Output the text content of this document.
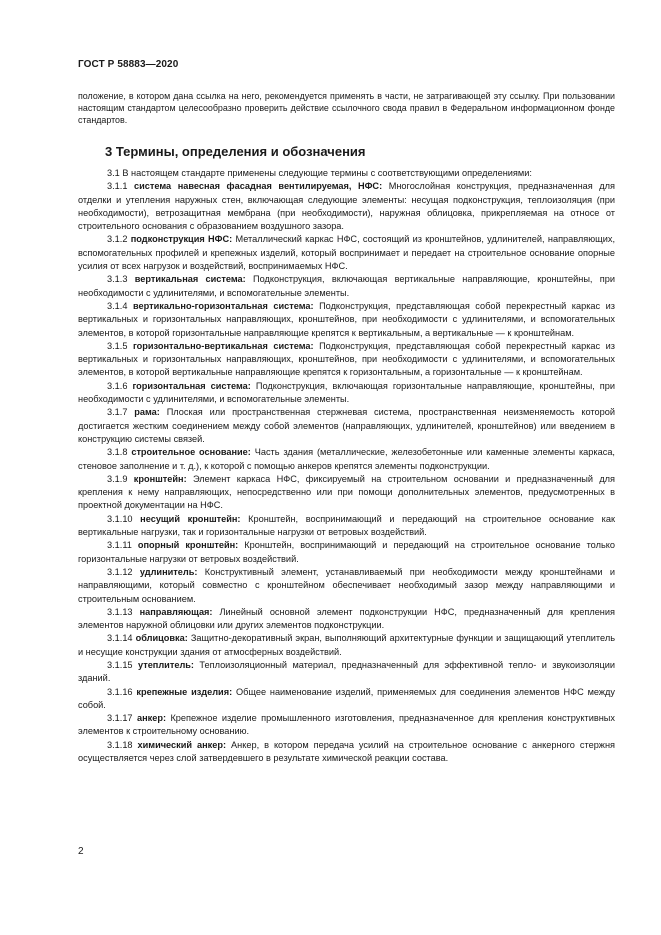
ГОСТ Р 58883—2020

положение, в котором дана ссылка на него, рекомендуется применять в части, не затрагивающей эту ссылку. При пользовании настоящим стандартом целесообразно проверить действие ссылочного свода правил в Федеральном информационном фонде стандартов.

3 Термины, определения и обозначения

3.1 В настоящем стандарте применены следующие термины с соответствующими определениями:

3.1.1 система навесная фасадная вентилируемая, НФС: Многослойная конструкция, предназначенная для отделки и утепления наружных стен, включающая следующие элементы: несущая подконструкция, теплоизоляция (при необходимости), ветрозащитная мембрана (при необходимости), наружная облицовка, прикрепляемая на относе от строительного основания с образованием воздушного зазора.

3.1.2 подконструкция НФС: Металлический каркас НФС, состоящий из кронштейнов, удлинителей, направляющих, вспомогательных профилей и крепежных изделий, который воспринимает и передает на строительное основание опорные усилия от всех нагрузок и воздействий, воспринимаемых НФС.

3.1.3 вертикальная система: Подконструкция, включающая вертикальные направляющие, кронштейны, при необходимости с удлинителями, и вспомогательные элементы.

3.1.4 вертикально-горизонтальная система: Подконструкция, представляющая собой перекрестный каркас из вертикальных и горизонтальных направляющих, кронштейнов, при необходимости с удлинителями, и вспомогательных элементов, в которой горизонтальные направляющие крепятся к вертикальным, а вертикальные — к кронштейнам.

3.1.5 горизонтально-вертикальная система: Подконструкция, представляющая собой перекрестный каркас из вертикальных и горизонтальных направляющих, кронштейнов, при необходимости с удлинителями, и вспомогательных элементов, в которой вертикальные направляющие крепятся к горизонтальным, а горизонтальные — к кронштейнам.

3.1.6 горизонтальная система: Подконструкция, включающая горизонтальные направляющие, кронштейны, при необходимости с удлинителями, и вспомогательные элементы.

3.1.7 рама: Плоская или пространственная стержневая система, пространственная неизменяемость которой достигается жестким соединением между собой элементов (направляющих, удлинителей, кронштейнов) или введением в конструкцию системы связей.

3.1.8 строительное основание: Часть здания (металлические, железобетонные или каменные элементы каркаса, стеновое заполнение и т. д.), к которой с помощью анкеров крепятся элементы подконструкции.

3.1.9 кронштейн: Элемент каркаса НФС, фиксируемый на строительном основании и предназначенный для крепления к нему направляющих, непосредственно или при помощи дополнительных элементов, предусмотренных в проектной документации на НФС.

3.1.10 несущий кронштейн: Кронштейн, воспринимающий и передающий на строительное основание как вертикальные нагрузки, так и горизонтальные нагрузки от ветровых воздействий.

3.1.11 опорный кронштейн: Кронштейн, воспринимающий и передающий на строительное основание только горизонтальные нагрузки от ветровых воздействий.

3.1.12 удлинитель: Конструктивный элемент, устанавливаемый при необходимости между кронштейнами и направляющими, который совместно с кронштейном обеспечивает необходимый зазор между направляющими и строительным основанием.

3.1.13 направляющая: Линейный основной элемент подконструкции НФС, предназначенный для крепления элементов наружной облицовки или других элементов подконструкции.

3.1.14 облицовка: Защитно-декоративный экран, выполняющий архитектурные функции и защищающий утеплитель и несущие конструкции здания от атмосферных воздействий.

3.1.15 утеплитель: Теплоизоляционный материал, предназначенный для эффективной тепло- и звукоизоляции зданий.

3.1.16 крепежные изделия: Общее наименование изделий, применяемых для соединения элементов НФС между собой.

3.1.17 анкер: Крепежное изделие промышленного изготовления, предназначенное для крепления конструктивных элементов к строительному основанию.

3.1.18 химический анкер: Анкер, в котором передача усилий на строительное основание с анкерного стержня осуществляется через слой затвердевшего в результате химической реакции состава.

2
